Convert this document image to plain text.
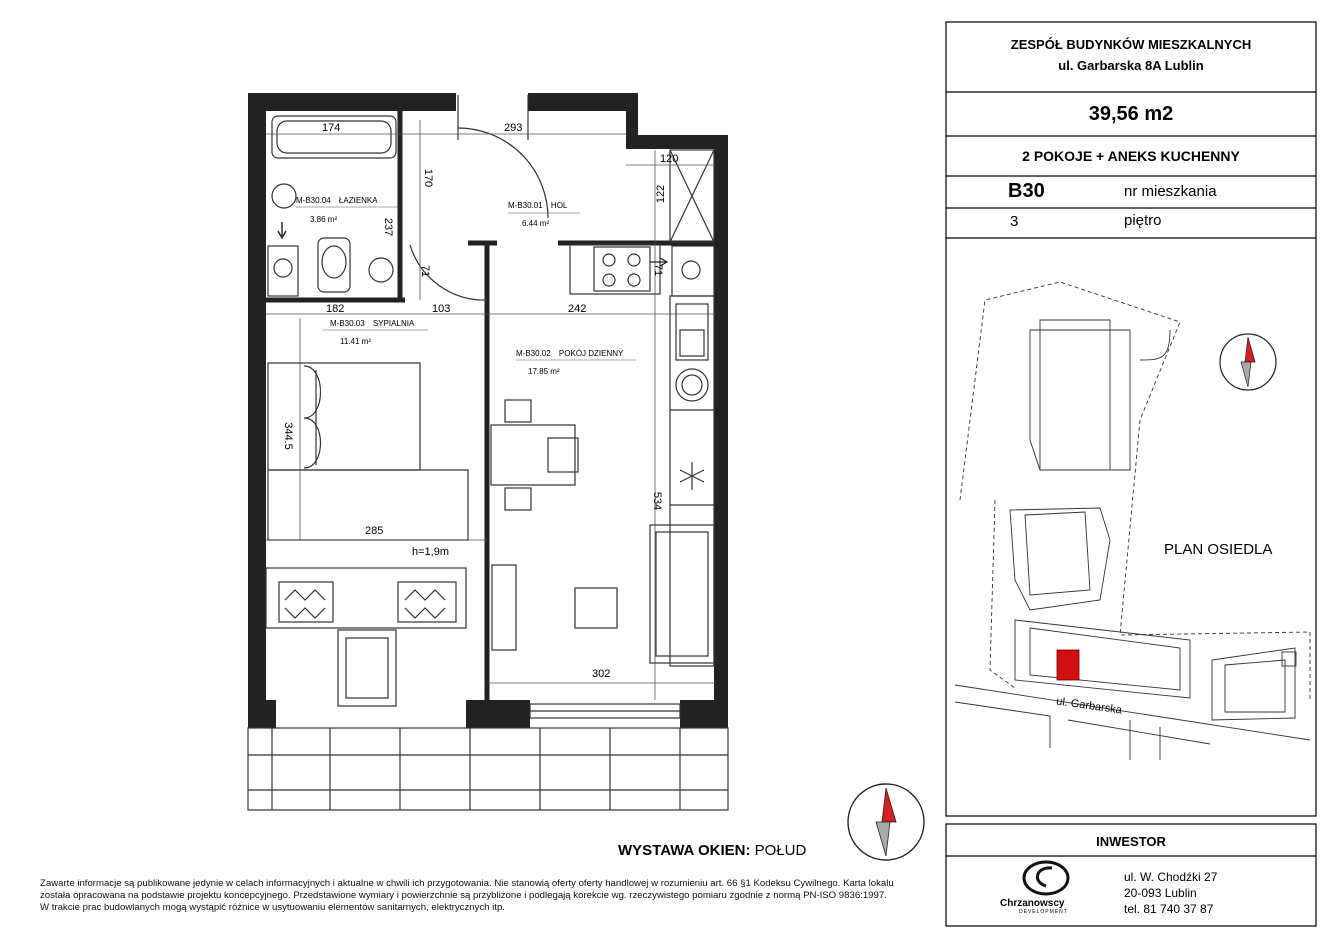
M-B30.04 ŁAZIENKA
3.86 m²
M-B30.01 HOL
6.44 m²
M-B30.03 SYPIALNIA
11.41 m²
M-B30.02 POKÓJ DZIENNY
17.85 m²
174	293
120
122
170
237
71	71
182	103	242
344.5
285
h=1,9m
534
302
WYSTAWA OKIEN: POŁUD
Zawarte informacje są publikowane jedynie w celach informacyjnych i aktualne w chwili ich przygotowania. Nie stanowią oferty oferty handlowej w rozumieniu art. 66 §1 Kodeksu Cywilnego. Karta lokalu
została opracowana na podstawie projektu koncepcyjnego. Przedstawione wymiary i powierzchnie są przybliżone i podlegają korekcie wg. rzeczywistego pomiaru zgodnie z normą PN-ISO 9836:1997.
W trakcie prac budowlanych mogą wystąpić różnice w usytuowaniu elementów sanitarnych, elektrycznych itp.
ZESPÓŁ BUDYNKÓW MIESZKALNYCH
ul. Garbarska 8A Lublin
39,56 m2
2 POKOJE + ANEKS KUCHENNY
B30	nr mieszkania
3	piętro
PLAN OSIEDLA
ul. Garbarska
INWESTOR
Chrzanowscy
DEVELOPMENT
ul. W. Chodźki 27
20-093 Lublin
tel. 81 740 37 87
